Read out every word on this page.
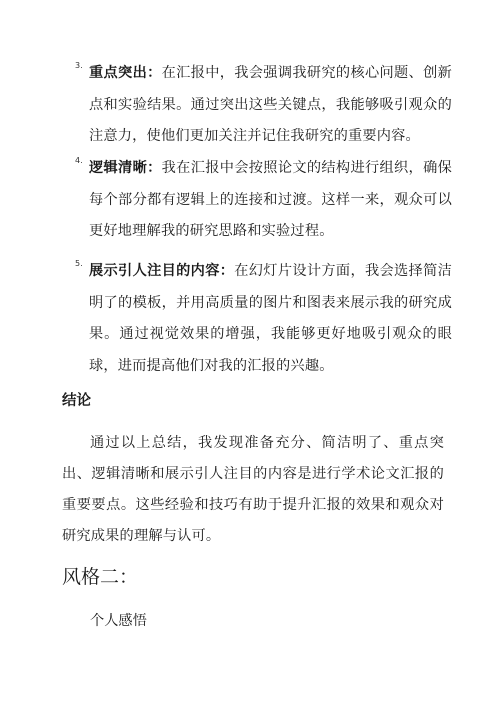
3. 重点突出：在汇报中，我会强调我研究的核心问题、创新点和实验结果。通过突出这些关键点，我能够吸引观众的注意力，使他们更加关注并记住我研究的重要内容。
4. 逻辑清晰：我在汇报中会按照论文的结构进行组织，确保每个部分都有逻辑上的连接和过渡。这样一来，观众可以更好地理解我的研究思路和实验过程。
5. 展示引人注目的内容：在幻灯片设计方面，我会选择简洁明了的模板，并用高质量的图片和图表来展示我的研究成果。通过视觉效果的增强，我能够更好地吸引观众的眼球，进而提高他们对我的汇报的兴趣。
结论
通过以上总结，我发现准备充分、简洁明了、重点突出、逻辑清晰和展示引人注目的内容是进行学术论文汇报的重要要点。这些经验和技巧有助于提升汇报的效果和观众对研究成果的理解与认可。
风格二：
个人感悟
